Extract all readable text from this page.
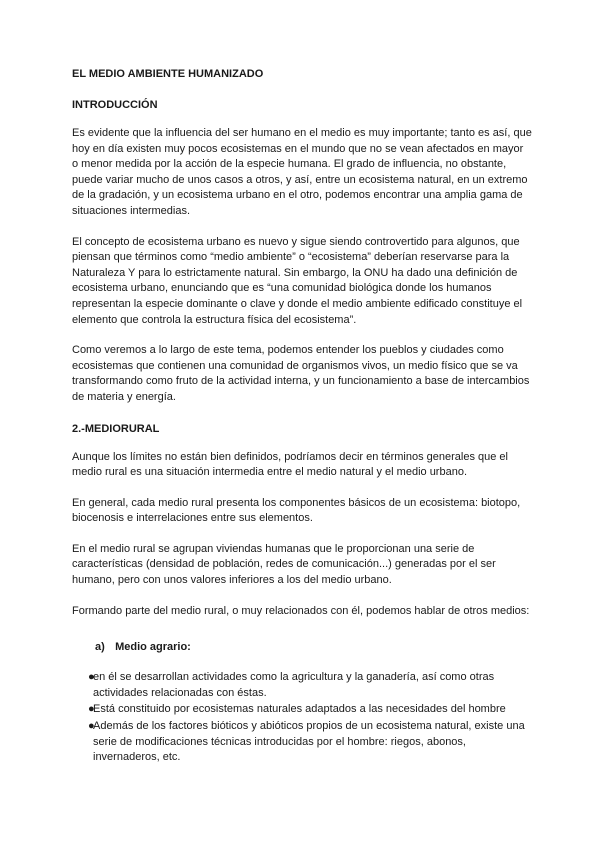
EL MEDIO AMBIENTE HUMANIZADO
INTRODUCCIÓN

Es evidente que la influencia del ser humano en el medio es muy importante; tanto es así, que hoy en día existen muy pocos ecosistemas en el mundo que no se vean afectados en mayor o menor medida por la acción de la especie humana. El grado de influencia, no obstante, puede variar mucho de unos casos a otros, y así, entre un ecosistema natural, en un extremo de la gradación, y un ecosistema urbano en el otro, podemos encontrar una amplia gama de situaciones intermedias.

El concepto de ecosistema urbano es nuevo y sigue siendo controvertido para algunos, que piensan que términos como “medio ambiente” o “ecosistema” deberían reservarse para la Naturaleza Y para lo estrictamente natural. Sin embargo, la ONU ha dado una definición de ecosistema urbano, enunciando que es “una comunidad biológica donde los humanos representan la especie dominante o clave y donde el medio ambiente edificado constituye el elemento que controla la estructura física del ecosistema”.

Como veremos a lo largo de este tema, podemos entender los pueblos y ciudades como ecosistemas que contienen una comunidad de organismos vivos, un medio físico que se va transformando como fruto de la actividad interna, y un funcionamiento a base de intercambios de materia y energía.

2.-MEDIORURAL

Aunque los límites no están bien definidos, podríamos decir en términos generales que el medio rural es una situación intermedia entre el medio natural y el medio urbano.

En general, cada medio rural presenta los componentes básicos de un ecosistema: biotopo, biocenosis e interrelaciones entre sus elementos.

En el medio rural se agrupan viviendas humanas que le proporcionan una serie de características (densidad de población, redes de comunicación...) generadas por el ser humano, pero con unos valores inferiores a los del medio urbano.

Formando parte del medio rural, o muy relacionados con él, podemos hablar de otros medios:

a) Medio agrario:
●
en él se desarrollan actividades como la agricultura y la ganadería, así como otras actividades relacionadas con éstas.
●
Está constituido por ecosistemas naturales adaptados a las necesidades del hombre
●
Además de los factores bióticos y abióticos propios de un ecosistema natural, existe una serie de modificaciones técnicas introducidas por el hombre: riegos, abonos, invernaderos, etc.
